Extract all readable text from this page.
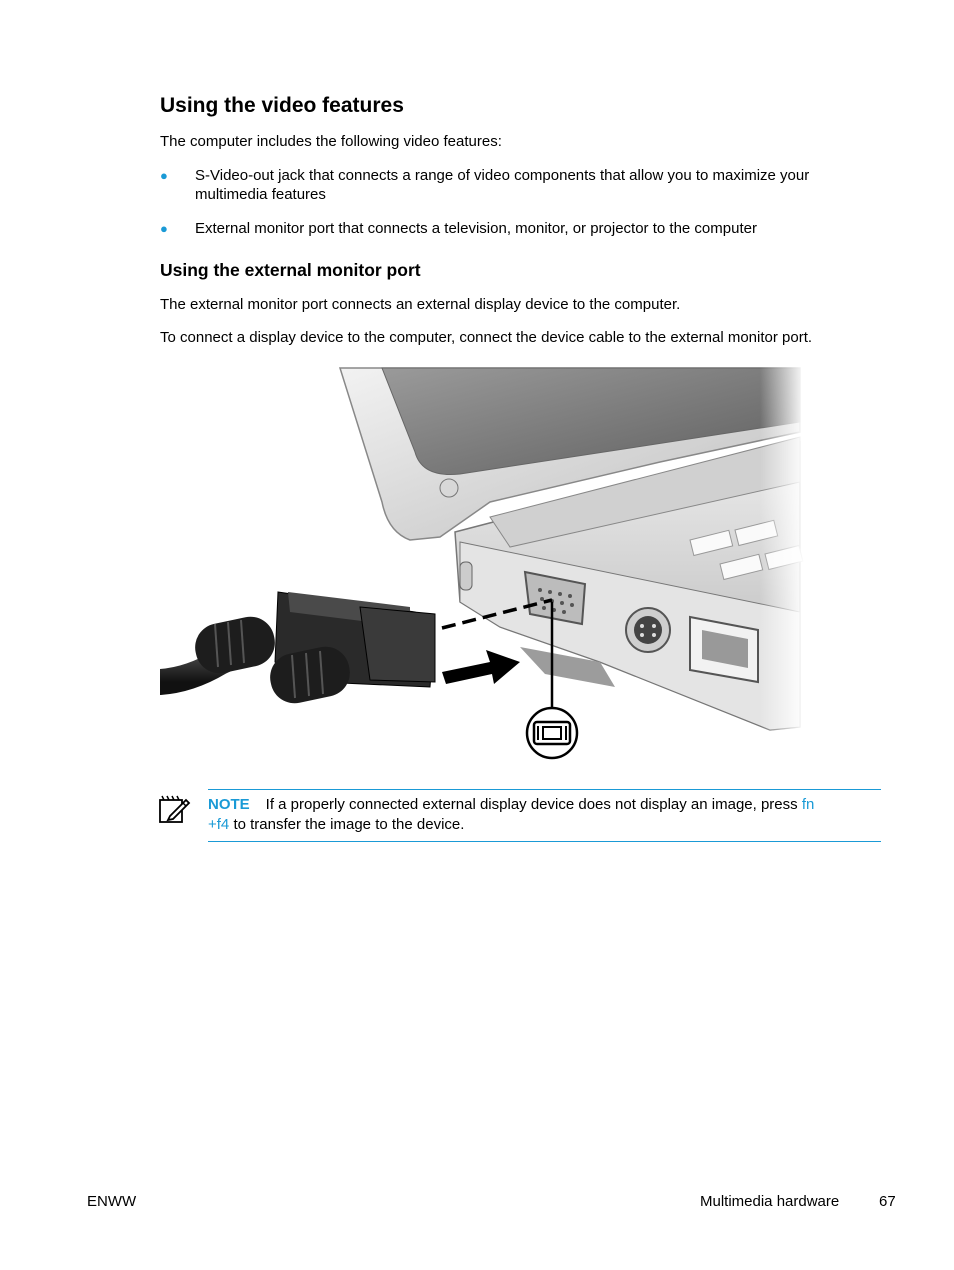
Using the video features
The computer includes the following video features:
● S-Video-out jack that connects a range of video components that allow you to maximize your
multimedia features
● External monitor port that connects a television, monitor, or projector to the computer
Using the external monitor port
The external monitor port connects an external display device to the computer.
To connect a display device to the computer, connect the device cable to the external monitor port.
NOTE If a properly connected external display device does not display an image, press fn
+f4 to transfer the image to the device.
ENWW	Multimedia hardware	67
